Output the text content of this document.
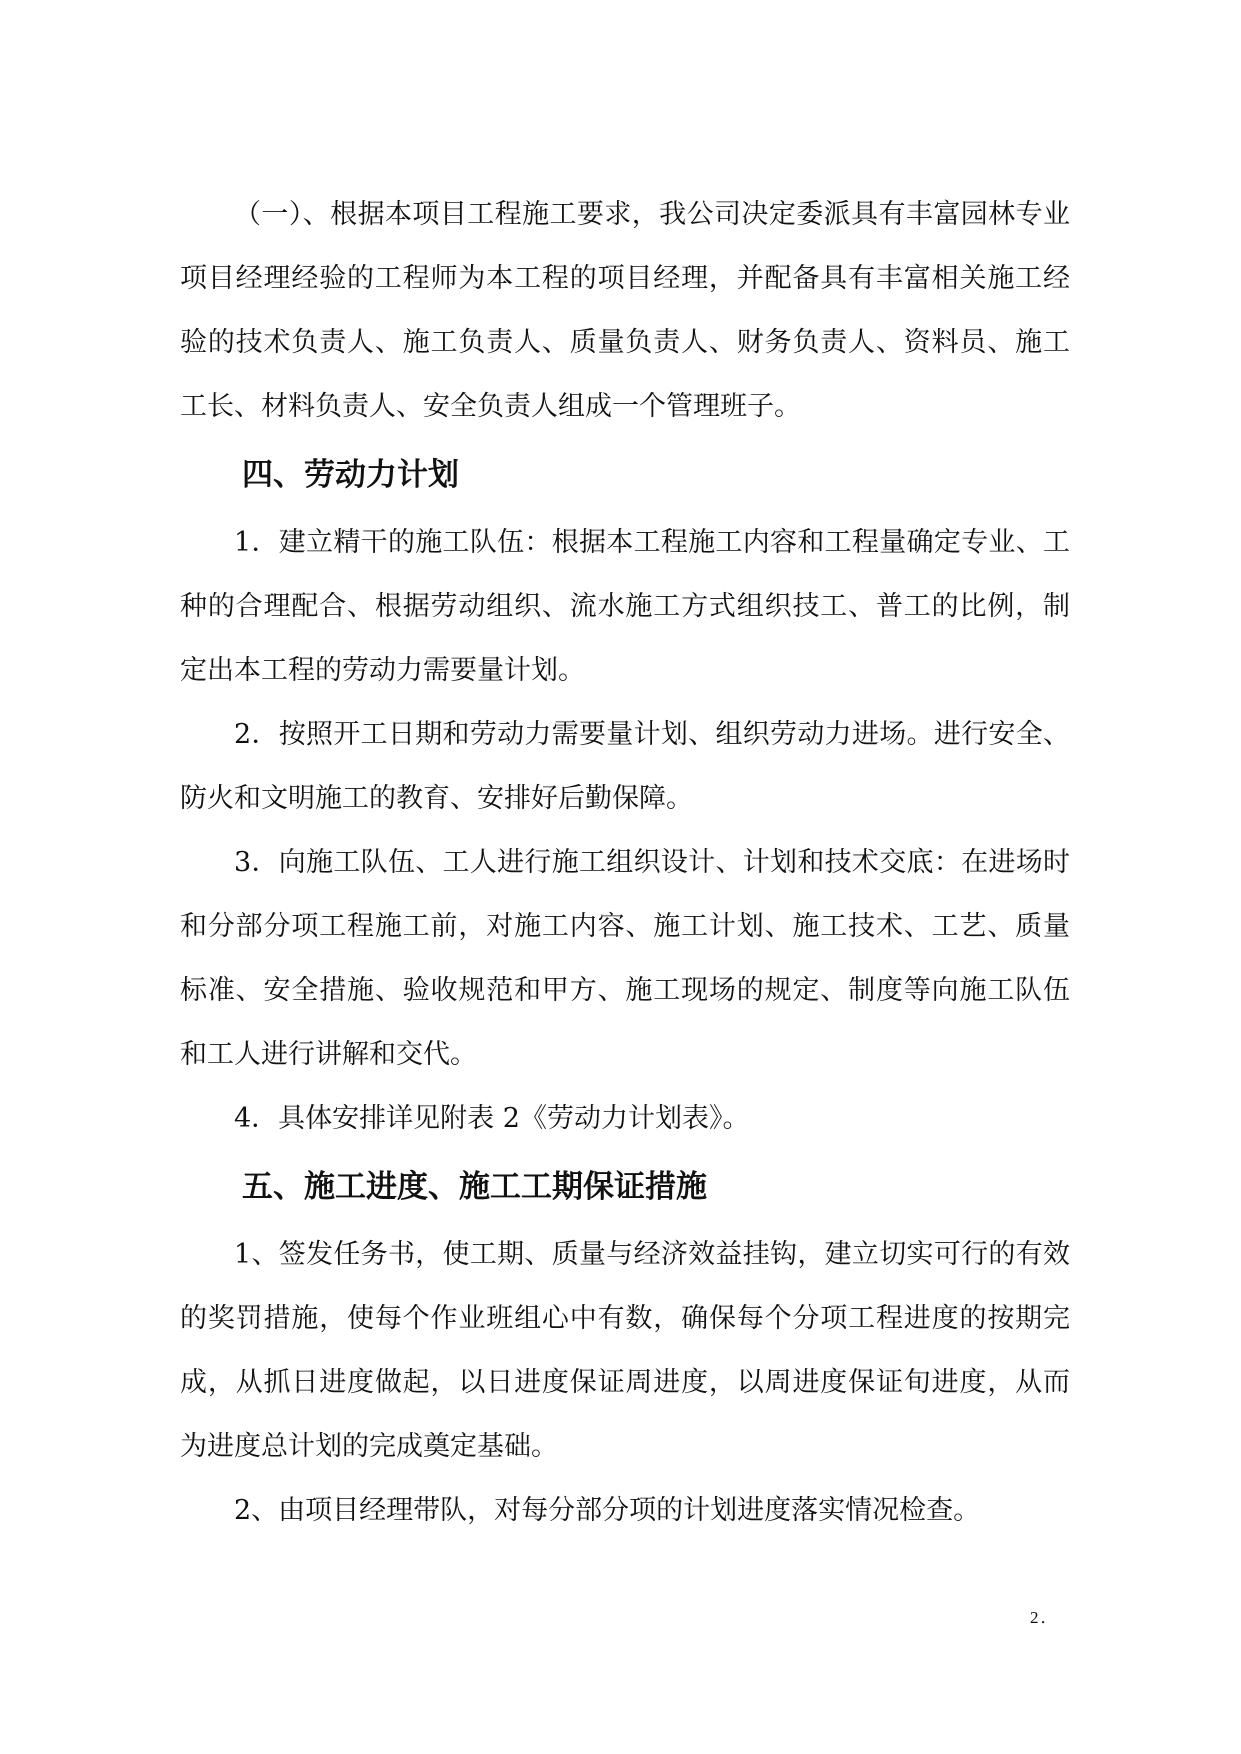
（一）、根据本项目工程施工要求，我公司决定委派具有丰富园林专业项目经理经验的工程师为本工程的项目经理，并配备具有丰富相关施工经验的技术负责人、施工负责人、质量负责人、财务负责人、资料员、施工工长、材料负责人、安全负责人组成一个管理班子。

四、劳动力计划

1．建立精干的施工队伍：根据本工程施工内容和工程量确定专业、工种的合理配合、根据劳动组织、流水施工方式组织技工、普工的比例，制定出本工程的劳动力需要量计划。

2．按照开工日期和劳动力需要量计划、组织劳动力进场。进行安全、防火和文明施工的教育、安排好后勤保障。

3．向施工队伍、工人进行施工组织设计、计划和技术交底：在进场时和分部分项工程施工前，对施工内容、施工计划、施工技术、工艺、质量标准、安全措施、验收规范和甲方、施工现场的规定、制度等向施工队伍和工人进行讲解和交代。

4．具体安排详见附表 2《劳动力计划表》。

五、施工进度、施工工期保证措施

1、签发任务书，使工期、质量与经济效益挂钩，建立切实可行的有效的奖罚措施，使每个作业班组心中有数，确保每个分项工程进度的按期完成，从抓日进度做起，以日进度保证周进度，以周进度保证旬进度，从而为进度总计划的完成奠定基础。

2、由项目经理带队，对每分部分项的计划进度落实情况检查。

2．
